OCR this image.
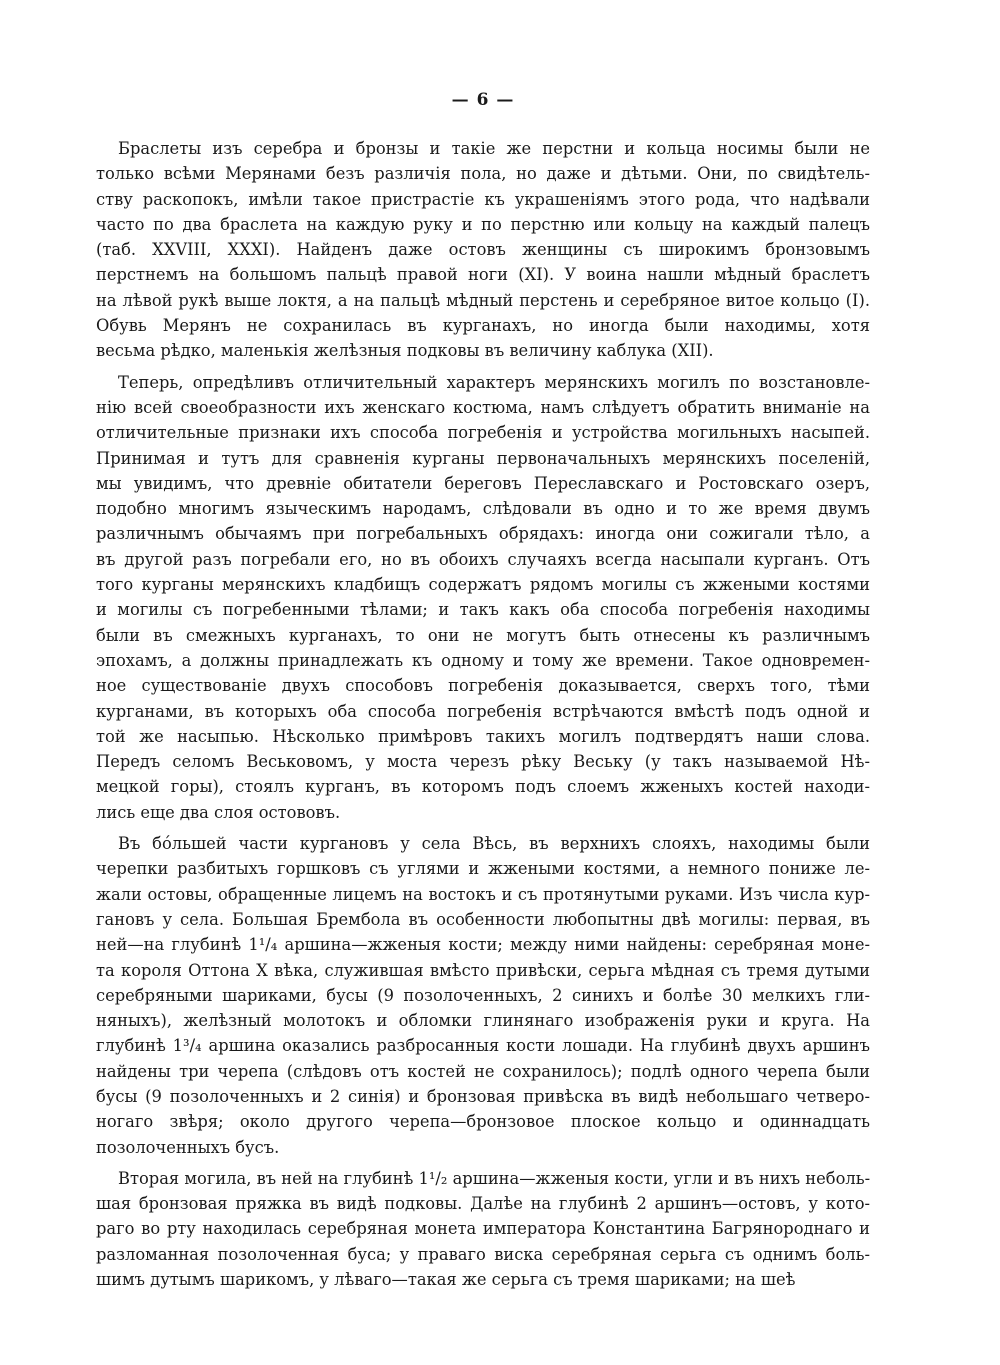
— 6 —
Браслеты изъ серебра и бронзы и такіе же перстни и кольца носимы были не
только всѣми Мерянами безъ различія пола, но даже и дѣтьми. Они, по свидѣтель-
ству раскопокъ, имѣли такое пристрастіе къ украшеніямъ этого рода, что надѣвали
часто по два браслета на каждую руку и по перстню или кольцу на каждый палецъ
(таб. XXVIII, XXXI). Найденъ даже остовъ женщины съ широкимъ бронзовымъ
перстнемъ на большомъ пальцѣ правой ноги (XI). У воина нашли мѣдный браслетъ
на лѣвой рукѣ выше локтя, а на пальцѣ мѣдный перстень и серебряное витое кольцо (I).
Обувь Мерянъ не сохранилась въ курганахъ, но иногда были находимы, хотя
весьма рѣдко, маленькія желѣзныя подковы въ величину каблука (XII).
Теперь, опредѣливъ отличительный характеръ мерянскихъ могилъ по возстановле-
нію всей своеобразности ихъ женскаго костюма, намъ слѣдуетъ обратить вниманіе на
отличительные признаки ихъ способа погребенія и устройства могильныхъ насыпей.
Принимая и тутъ для сравненія курганы первоначальныхъ мерянскихъ поселеній,
мы увидимъ, что древніе обитатели береговъ Переславскаго и Ростовскаго озеръ,
подобно многимъ языческимъ народамъ, слѣдовали въ одно и то же время двумъ
различнымъ обычаямъ при погребальныхъ обрядахъ: иногда они сожигали тѣло, а
въ другой разъ погребали его, но въ обоихъ случаяхъ всегда насыпали курганъ. Отъ
того курганы мерянскихъ кладбищъ содержатъ рядомъ могилы съ жжеными костями
и могилы съ погребенными тѣлами; и такъ какъ оба способа погребенія находимы
были въ смежныхъ курганахъ, то они не могутъ быть отнесены къ различнымъ
эпохамъ, а должны принадлежать къ одному и тому же времени. Такое одновремен-
ное существованіе двухъ способовъ погребенія доказывается, сверхъ того, тѣми
курганами, въ которыхъ оба способа погребенія встрѣчаются вмѣстѣ подъ одной и
той же насыпью. Нѣсколько примѣровъ такихъ могилъ подтвердятъ наши слова.
Передъ селомъ Веськовомъ, у моста черезъ рѣку Веську (у такъ называемой Нѣ-
мецкой горы), стоялъ курганъ, въ которомъ подъ слоемъ жженыхъ костей находи-
лись еще два слоя остововъ.
Въ бóльшей части кургановъ у села Вѣсь, въ верхнихъ слояхъ, находимы были
черепки разбитыхъ горшковъ съ углями и жжеными костями, а немного пониже ле-
жали остовы, обращенные лицемъ на востокъ и съ протянутыми руками. Изъ числа кур-
гановъ у села. Большая Брембола въ особенности любопытны двѣ могилы: первая, въ
ней—на глубинѣ 1¹/₄ аршина—жженыя кости; между ними найдены: серебряная моне-
та короля Оттона X вѣка, служившая вмѣсто привѣски, серьга мѣдная съ тремя дутыми
серебряными шариками, бусы (9 позолоченныхъ, 2 синихъ и болѣе 30 мелкихъ гли-
няныхъ), желѣзный молотокъ и обломки глинянаго изображенія руки и круга. На
глубинѣ 1³/₄ аршина оказались разбросанныя кости лошади. На глубинѣ двухъ аршинъ
найдены три черепа (слѣдовъ отъ костей не сохранилось); подлѣ одного черепа были
бусы (9 позолоченныхъ и 2 синія) и бронзовая привѣска въ видѣ небольшаго четверо-
ногаго звѣря; около другого черепа—бронзовое плоское кольцо и одиннадцать
позолоченныхъ бусъ.
Вторая могила, въ ней на глубинѣ 1¹/₂ аршина—жженыя кости, угли и въ нихъ неболь-
шая бронзовая пряжка въ видѣ подковы. Далѣе на глубинѣ 2 аршинъ—остовъ, у кото-
раго во рту находилась серебряная монета императора Константина Багрянороднаго и
разломанная позолоченная буса; у праваго виска серебряная серьга съ однимъ боль-
шимъ дутымъ шарикомъ, у лѣваго—такая же серьга съ тремя шариками; на шеѣ
